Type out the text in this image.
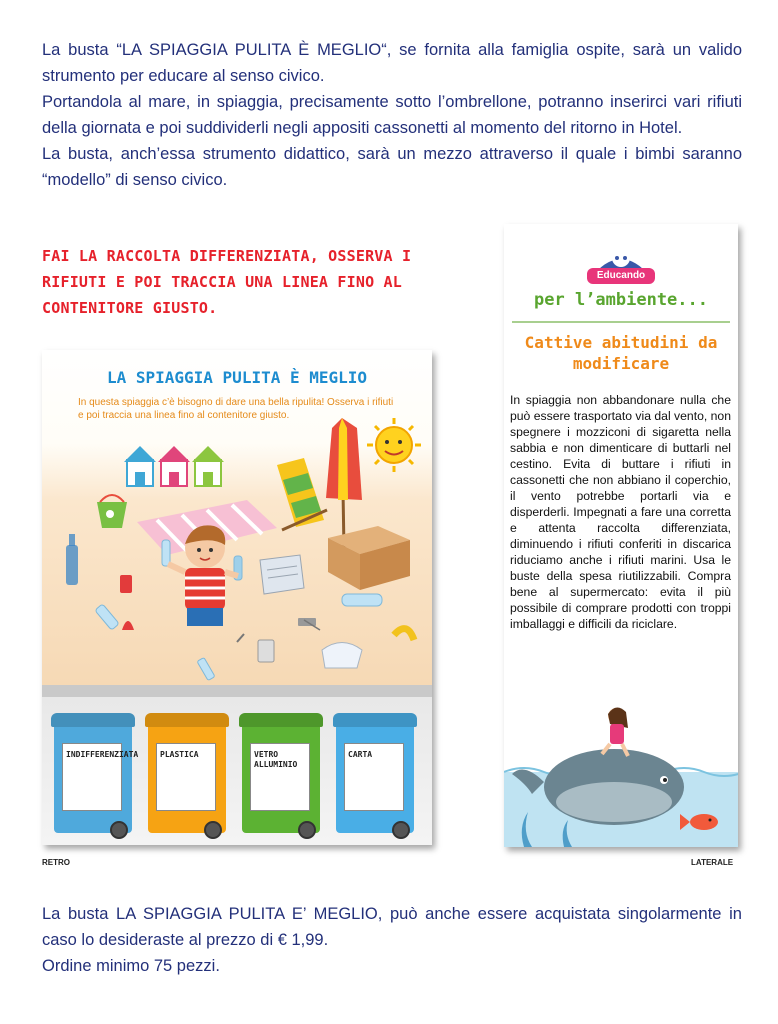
La busta “LA SPIAGGIA PULITA È MEGLIO“, se fornita alla famiglia ospite, sarà un valido strumento per educare al senso civico.

Portandola al mare, in spiaggia, precisamente sotto l’ombrellone, potranno inserirci vari rifiuti della giornata e poi suddividerli negli appositi cassonetti al momento del ritorno in Hotel.

La busta, anch’essa strumento didattico, sarà un mezzo attraverso il quale i bimbi saranno “modello” di senso civico.

FAI LA RACCOLTA DIFFERENZIATA, OSSERVA I RIFIUTI E POI TRACCIA UNA LINEA FINO AL CONTENITORE GIUSTO.
LA SPIAGGIA PULITA È MEGLIO
In questa spiaggia c’è bisogno di dare una bella ripulita! Osserva i rifiuti e poi traccia una linea fino al contenitore giusto.
INDIFFERENZIATA	PLASTICA	VETRO ALLUMINIO
CARTA
RETRO
EDIZIONI
Educando
per l’ambiente...
Cattive abitudini da modificare
In spiaggia non abbandonare nulla che può essere trasportato via dal vento, non spegnere i mozziconi di sigaretta nella sabbia e non dimenticare di buttarli nel cestino. Evita di buttare i rifiuti in cassonetti che non abbiano il coperchio, il vento potrebbe portarli via e disperderli. Impegnati a fare una corretta e attenta raccolta differenziata, diminuendo i rifiuti conferiti in discarica riduciamo anche i rifiuti marini. Usa le buste della spesa riutilizzabili. Compra bene al supermercato: evita il più possibile di comprare prodotti con troppi imballaggi e difficili da riciclare.
LATERALE

La busta LA SPIAGGIA PULITA E’ MEGLIO, può anche essere acquistata singolarmente in caso lo desideraste al prezzo di € 1,99.

Ordine minimo 75 pezzi.
